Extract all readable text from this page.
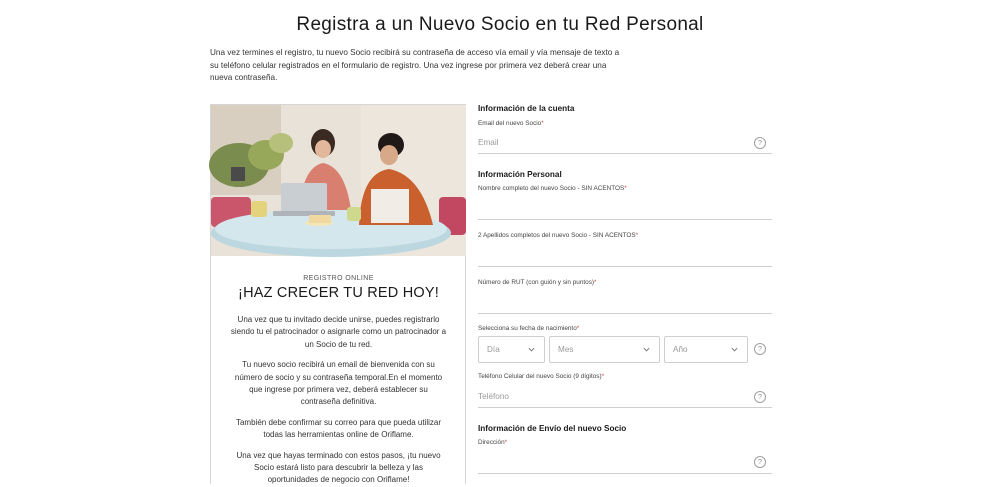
Registra a un Nuevo Socio en tu Red Personal

Una vez termines el registro, tu nuevo Socio recibirá su contraseña de acceso vía email y vía mensaje de texto a su teléfono celular registrados en el formulario de registro. Una vez ingrese por primera vez deberá crear una nueva contraseña.

REGISTRO ONLINE
¡HAZ CRECER TU RED HOY!

Una vez que tu invitado decide unirse, puedes registrarlo siendo tu el patrocinador o asignarle como un patrocinador a un Socio de tu red.

Tu nuevo socio recibirá un email de bienvenida con su número de socio y su contraseña temporal.En el momento que ingrese por primera vez, deberá establecer su contraseña definitiva.

También debe confirmar su correo para que pueda utilizar todas las herramientas online de Oriflame.

Una vez que hayas terminado con estos pasos, ¡tu nuevo Socio estará listo para descubrir la belleza y las oportunidades de negocio con Oriflame!

Información de la cuenta
Email del nuevo Socio*
Email
?
Información Personal
Nombre completo del nuevo Socio - SIN ACENTOS*
2 Apellidos completos del nuevo Socio - SIN ACENTOS*
Número de RUT (con guión y sin puntos)*
Selecciona su fecha de nacimiento*
Día	Mes	Año	?
Teléfono Celular del nuevo Socio (9 dígitos)*
Teléfono
?
Información de Envío del nuevo Socio
Dirección*
?
